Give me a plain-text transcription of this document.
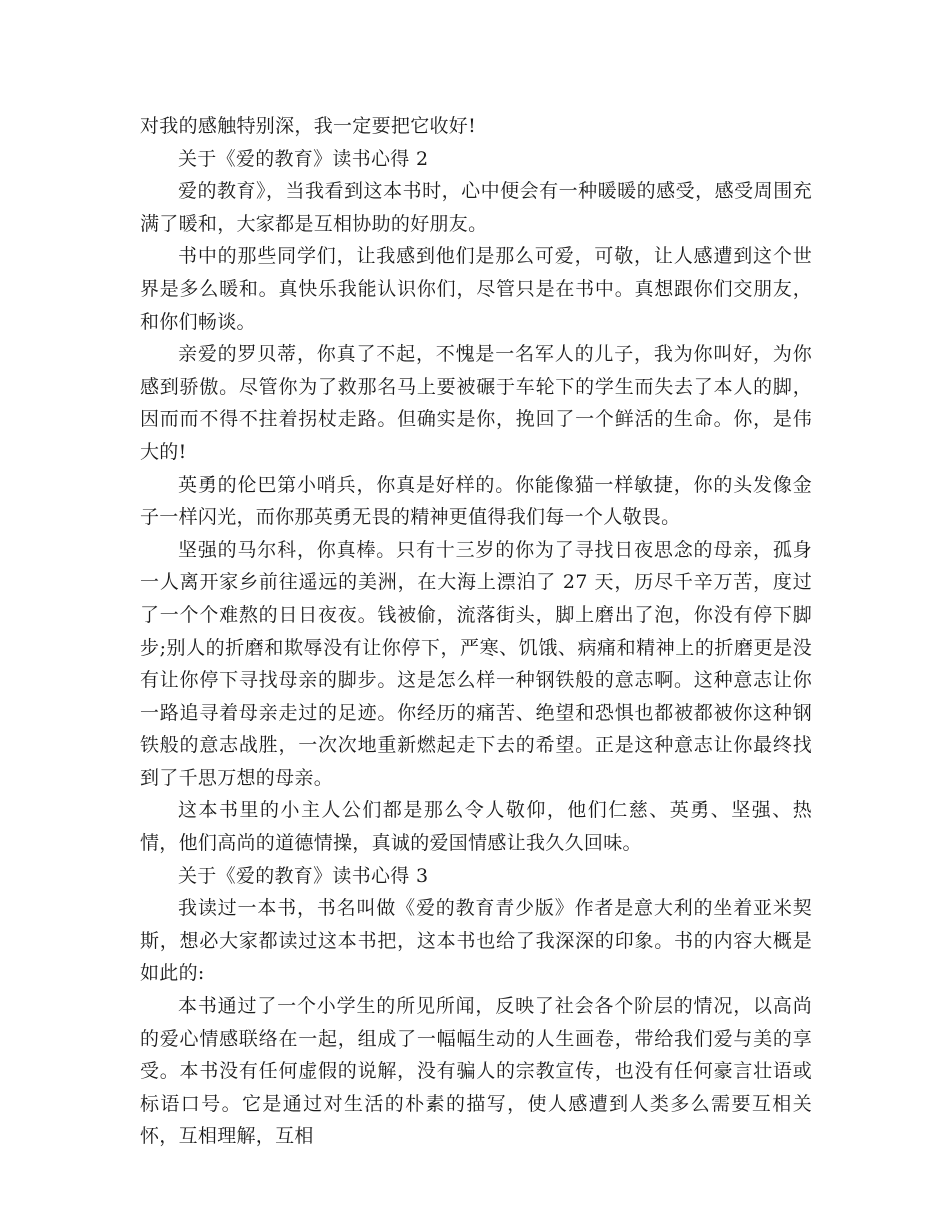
对我的感触特别深，我一定要把它收好!

关于《爱的教育》读书心得 2

爱的教育》，当我看到这本书时，心中便会有一种暖暖的感受，感受周围充满了暖和，大家都是互相协助的好朋友。

书中的那些同学们，让我感到他们是那么可爱，可敬，让人感遭到这个世界是多么暖和。真快乐我能认识你们，尽管只是在书中。真想跟你们交朋友，和你们畅谈。

亲爱的罗贝蒂，你真了不起，不愧是一名军人的儿子，我为你叫好，为你感到骄傲。尽管你为了救那名马上要被碾于车轮下的学生而失去了本人的脚，因而而不得不拄着拐杖走路。但确实是你，挽回了一个鲜活的生命。你，是伟大的!

英勇的伦巴第小哨兵，你真是好样的。你能像猫一样敏捷，你的头发像金子一样闪光，而你那英勇无畏的精神更值得我们每一个人敬畏。

坚强的马尔科，你真棒。只有十三岁的你为了寻找日夜思念的母亲，孤身一人离开家乡前往遥远的美洲，在大海上漂泊了 27 天，历尽千辛万苦，度过了一个个难熬的日日夜夜。钱被偷，流落街头，脚上磨出了泡，你没有停下脚步;别人的折磨和欺辱没有让你停下，严寒、饥饿、病痛和精神上的折磨更是没有让你停下寻找母亲的脚步。这是怎么样一种钢铁般的意志啊。这种意志让你一路追寻着母亲走过的足迹。你经历的痛苦、绝望和恐惧也都被都被你这种钢铁般的意志战胜，一次次地重新燃起走下去的希望。正是这种意志让你最终找到了千思万想的母亲。

这本书里的小主人公们都是那么令人敬仰，他们仁慈、英勇、坚强、热情，他们高尚的道德情操，真诚的爱国情感让我久久回味。

关于《爱的教育》读书心得 3

我读过一本书，书名叫做《爱的教育青少版》作者是意大利的坐着亚米契斯，想必大家都读过这本书把，这本书也给了我深深的印象。书的内容大概是如此的:

本书通过了一个小学生的所见所闻，反映了社会各个阶层的情况，以高尚的爱心情感联络在一起，组成了一幅幅生动的人生画卷，带给我们爱与美的享受。本书没有任何虚假的说解，没有骗人的宗教宣传，也没有任何豪言壮语或标语口号。它是通过对生活的朴素的描写，使人感遭到人类多么需要互相关怀，互相理解，互相
